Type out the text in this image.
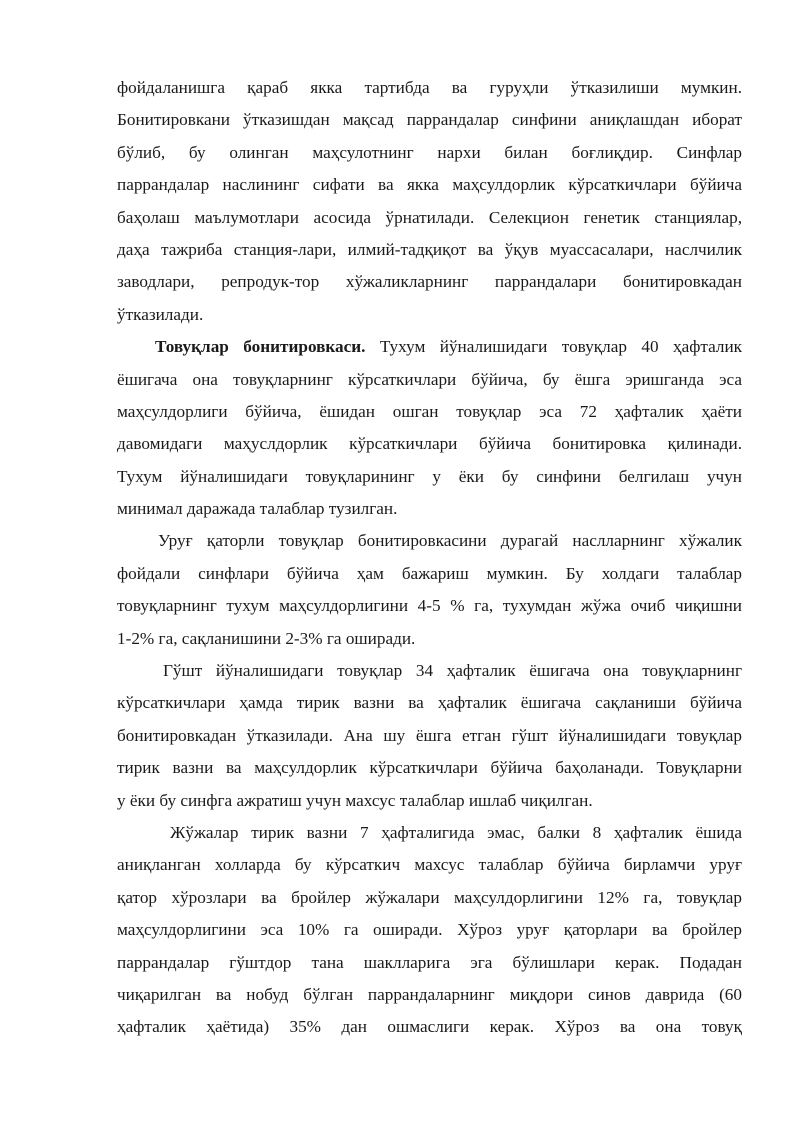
фойдаланишга қараб якка тартибда ва гуруҳли ўтказилиши мумкин.
Бонитировкани ўтказишдан мақсад паррандалар синфини аниқлашдан иборат
бўлиб, бу олинган маҳсулотнинг нархи билан боғлиқдир. Синфлар
паррандалар наслининг сифати ва якка маҳсулдорлик кўрсаткичлари бўйича
баҳолаш маълумотлари асосида ўрнатилади. Селекцион генетик станциялар,
даҳа тажриба станция-лари, илмий-тадқиқот ва ўқув муассасалари, наслчилик
заводлари, репродук-тор хўжаликларнинг паррандалари бонитировкадан
ўтказилади.
Товуқлар бонитировкаси. Тухум йўналишидаги товуқлар 40 ҳафталик
ёшигача она товуқларнинг кўрсаткичлари бўйича, бу ёшга эришганда эса
маҳсулдорлиги бўйича, ёшидан ошган товуқлар эса 72 ҳафталик ҳаёти
давомидаги маҳуслдорлик кўрсаткичлари бўйича бонитировка қилинади.
Тухум йўналишидаги товуқларининг у ёки бу синфини белгилаш учун
минимал даражада талаблар тузилган.
Уруғ қаторли товуқлар бонитировкасини дурагай наслларнинг хўжалик
фойдали синфлари бўйича ҳам бажариш мумкин. Бу холдаги талаблар
товуқларнинг тухум маҳсулдорлигини 4-5 % га, тухумдан жўжа очиб чиқишни
1-2% га, сақланишини 2-3% га оширади.
Гўшт йўналишидаги товуқлар 34 ҳафталик ёшигача она товуқларнинг
кўрсаткичлари ҳамда тирик вазни ва ҳафталик ёшигача сақланиши бўйича
бонитировкадан ўтказилади. Ана шу ёшга етган гўшт йўналишидаги товуқлар
тирик вазни ва маҳсулдорлик кўрсаткичлари бўйича баҳоланади. Товуқларни
у ёки бу синфга ажратиш учун махсус талаблар ишлаб чиқилган.
Жўжалар тирик вазни 7 ҳафталигида эмас, балки 8 ҳафталик ёшида
аниқланган холларда бу кўрсаткич махсус талаблар бўйича бирламчи уруғ
қатор хўрозлари ва бройлер жўжалари маҳсулдорлигини 12% га, товуқлар
маҳсулдорлигини эса 10% га оширади. Хўроз уруғ қаторлари ва бройлер
паррандалар гўштдор тана шаклларига эга бўлишлари керак. Подадан
чиқарилган ва нобуд бўлган паррандаларнинг миқдори синов даврида (60
ҳафталик ҳаётида) 35% дан ошмаслиги керак. Хўроз ва она товуқ
